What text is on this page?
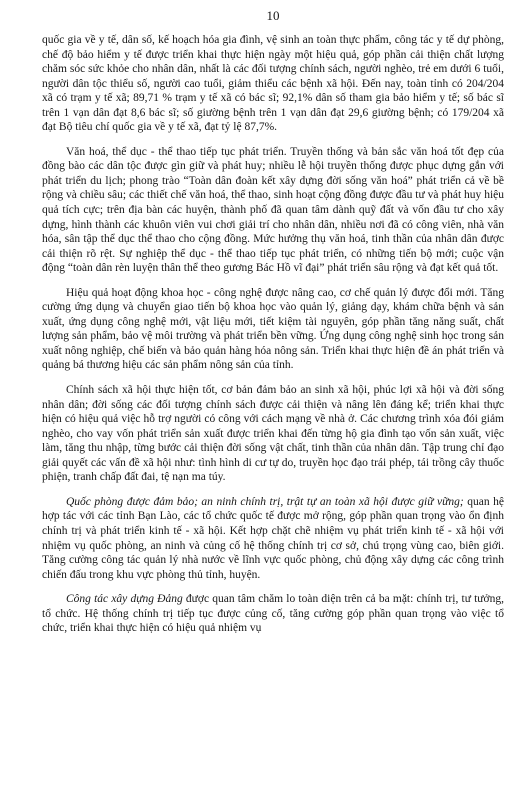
10

quốc gia về y tế, dân số, kế hoạch hóa gia đình, vệ sinh an toàn thực phẩm, công tác y tế dự phòng, chế độ bảo hiểm y tế được triển khai thực hiện ngày một hiệu quả, góp phần cải thiện chất lượng chăm sóc sức khỏe cho nhân dân, nhất là các đối tượng chính sách, người nghèo, trẻ em dưới 6 tuổi, người dân tộc thiểu số, người cao tuổi, giảm thiểu các bệnh xã hội. Đến nay, toàn tỉnh có 204/204 xã có trạm y tế xã; 89,71 % trạm y tế xã có bác sĩ; 92,1% dân số tham gia bảo hiểm y tế; số bác sĩ trên 1 vạn dân đạt 8,6 bác sĩ; số giường bệnh trên 1 vạn dân đạt 29,6 giường bệnh; có 179/204 xã đạt Bộ tiêu chí quốc gia về y tế xã, đạt tỷ lệ 87,7%.

Văn hoá, thể dục - thể thao tiếp tục phát triển. Truyền thống và bản sắc văn hoá tốt đẹp của đồng bào các dân tộc được gìn giữ và phát huy; nhiều lễ hội truyền thống được phục dựng gắn với phát triển du lịch; phong trào “Toàn dân đoàn kết xây dựng đời sống văn hoá” phát triển cả về bề rộng và chiều sâu; các thiết chế văn hoá, thể thao, sinh hoạt cộng đồng được đầu tư và phát huy hiệu quả tích cực; trên địa bàn các huyện, thành phố đã quan tâm dành quỹ đất và vốn đầu tư cho xây dựng, hình thành các khuôn viên vui chơi giải trí cho nhân dân, nhiều nơi đã có công viên, nhà văn hóa, sân tập thể dục thể thao cho cộng đồng. Mức hưởng thụ văn hoá, tinh thần của nhân dân được cải thiện rõ rệt. Sự nghiệp thể dục - thể thao tiếp tục phát triển, có những tiến bộ mới; cuộc vận động “toàn dân rèn luyện thân thể theo gương Bác Hồ vĩ đại” phát triển sâu rộng và đạt kết quả tốt.

Hiệu quả hoạt động khoa học - công nghệ được nâng cao, cơ chế quản lý được đổi mới. Tăng cường ứng dụng và chuyển giao tiến bộ khoa học vào quản lý, giảng dạy, khám chữa bệnh và sản xuất, ứng dụng công nghệ mới, vật liệu mới, tiết kiệm tài nguyên, góp phần tăng năng suất, chất lượng sản phẩm, bảo vệ môi trường và phát triển bền vững. Ứng dụng công nghệ sinh học trong sản xuất nông nghiệp, chế biến và bảo quản hàng hóa nông sản. Triển khai thực hiện đề án phát triển và quảng bá thương hiệu các sản phẩm nông sản của tỉnh.

Chính sách xã hội thực hiện tốt, cơ bản đảm bảo an sinh xã hội, phúc lợi xã hội và đời sống nhân dân; đời sống các đối tượng chính sách được cải thiện và nâng lên đáng kể; triển khai thực hiện có hiệu quả việc hỗ trợ người có công với cách mạng về nhà ở. Các chương trình xóa đói giảm nghèo, cho vay vốn phát triển sản xuất được triển khai đến từng hộ gia đình tạo vốn sản xuất, việc làm, tăng thu nhập, từng bước cải thiện đời sống vật chất, tinh thần của nhân dân. Tập trung chỉ đạo giải quyết các vấn đề xã hội như: tình hình di cư tự do, truyền học đạo trái phép, tái trồng cây thuốc phiện, tranh chấp đất đai, tệ nạn ma túy.

Quốc phòng được đảm bảo; an ninh chính trị, trật tự an toàn xã hội được giữ vững; quan hệ hợp tác với các tỉnh Bạn Lào, các tổ chức quốc tế được mở rộng, góp phần quan trọng vào ổn định chính trị và phát triển kinh tế - xã hội. Kết hợp chặt chẽ nhiệm vụ phát triển kinh tế - xã hội với nhiệm vụ quốc phòng, an ninh và củng cố hệ thống chính trị cơ sở, chú trọng vùng cao, biên giới. Tăng cường công tác quản lý nhà nước về lĩnh vực quốc phòng, chủ động xây dựng các công trình chiến đấu trong khu vực phòng thủ tỉnh, huyện.

Công tác xây dựng Đảng được quan tâm chăm lo toàn diện trên cả ba mặt: chính trị, tư tưởng, tổ chức. Hệ thống chính trị tiếp tục được củng cố, tăng cường góp phần quan trọng vào việc tổ chức, triển khai thực hiện có hiệu quả nhiệm vụ
